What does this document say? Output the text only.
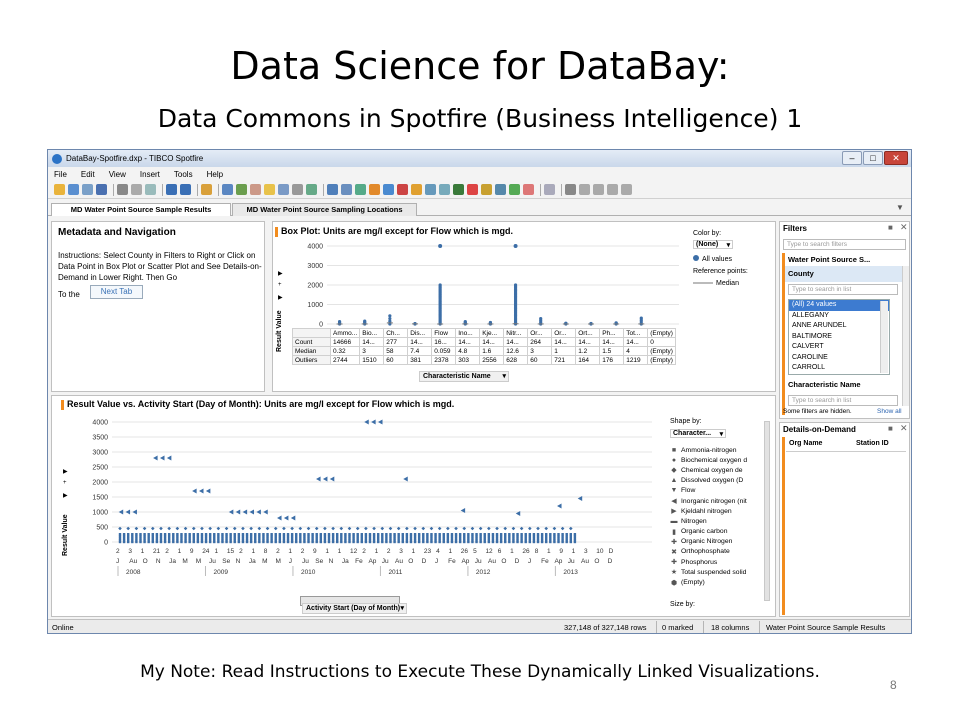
Data Science for DataBay:
Data Commons in Spotfire (Business Intelligence) 1
DataBay-Spotfire.dxp - TIBCO Spotfire	–	□	✕
File Edit View Insert Tools Help
MD Water Point Source Sample Results	MD Water Point Source Sampling Locations	▼
Metadata and Navigation
Instructions: Select County in Filters to Right or Click on Data Point in Box Plot or Scatter Plot and See Details-on-Demand in Lower Right. Then Go
To the	Next Tab
Box Plot: Units are mg/l except for Flow which is mgd.
▶
+
▶
Result Value
4000
3000
2000
1000
0
	Ammo...	Bio...	Ch...	Dis...	Flow	Ino...	Kje...	Nitr...	Or...	Or...	Ort...	Ph...	Tot...	(Empty)
Count	14666	14...	277	14...	16...	14...	14...	14...	264	14...	14...	14...	14...	0
Median	0.32	3	58	7.4	0.059	4.8	1.6	12.6	3	1	1.2	1.5	4	(Empty)
Outliers	2744	1510	60	381	2378	303	2556	628	60	721	164	176	1219	(Empty)
Characteristic Name ▾
Color by:
(None) ▾
All values
Reference points:
Median
Result Value vs. Activity Start (Day of Month): Units are mg/l except for Flow which is mgd.
▶
+
▶
Result Value
4000
3500
3000
2500
2000
1500
1000
500
0
2 3 1 21 2 1 9 24 1 15 2 1 8 2 1 2 9 1 1 12 2 1 2 3 1 23 4 1 26 5 12 6 1 26 8 1 9 1 3 10 D
J Au O N Ja M M Ju Se N Ja M M J Ju Se N Ja Fe Ap Ju Au O D J Fe Ap Ju Au O D J Fe Ap Ju Au O D
2008	2009	2010	2011	2012	2013
Activity Start (Day of Month) ▾
Shape by:
Character... ▾
■ Ammonia-nitrogen
● Biochemical oxygen d
◆ Chemical oxygen de
▲ Dissolved oxygen (D
▼ Flow
◀ Inorganic nitrogen (nit
▶ Kjeldahl nitrogen
▬ Nitrogen
▮ Organic carbon
✚ Organic Nitrogen
✖ Orthophosphate
✚ Phosphorus
★ Total suspended solid
⬢ (Empty)
Size by:
Filters	■ ✕
Type to search filters
Water Point Source S...
County
Type to search in list
(All) 24 values
ALLEGANY
ANNE ARUNDEL
BALTIMORE
CALVERT
CAROLINE
CARROLL
Characteristic Name
Type to search in list
Some filters are hidden.	Show all
Details-on-Demand	■ ✕
Org Name	Station ID
Online	327,148 of 327,148 rows 0 marked 18 columns Water Point Source Sample Results
My Note: Read Instructions to Execute These Dynamically Linked Visualizations.
8
